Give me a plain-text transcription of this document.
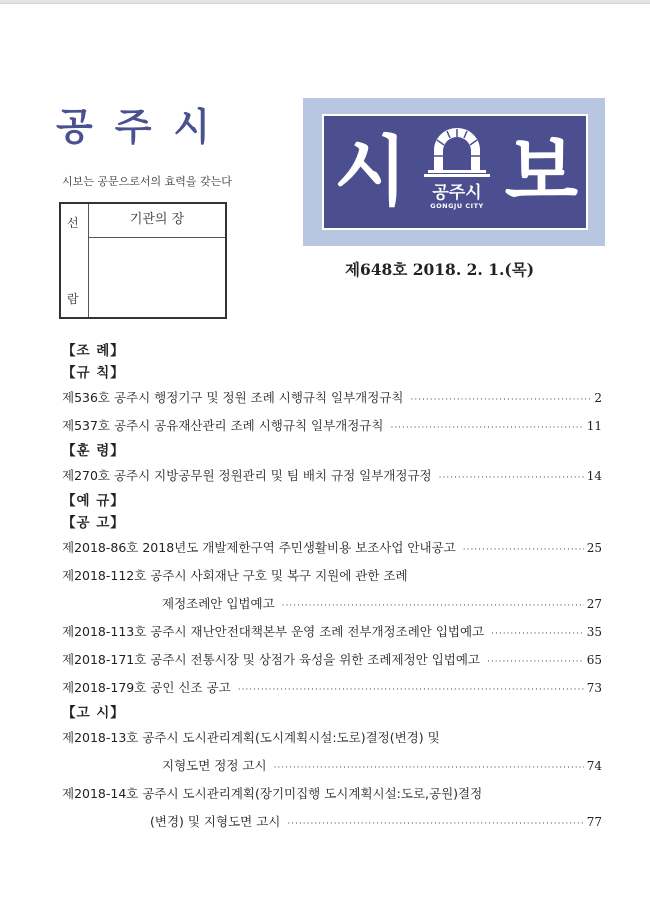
공주시
시보는 공문으로서의 효력을 갖는다
선
람
기관의 장
시	공주시
GONGJU CITY 보
제648호 2018. 2. 1.(목)
【조 례】
【규 칙】
제536호 공주시 행정기구 및 정원 조례 시행규칙 일부개정규칙 ·····	2
제537호 공주시 공유재산관리 조례 시행규칙 일부개정규칙 ·····	11
【훈 령】
제270호 공주시 지방공무원 정원관리 및 팀 배치 규정 일부개정규정 ·····	14
【예 규】
【공 고】
제2018-86호 2018년도 개발제한구역 주민생활비용 보조사업 안내공고 ·····	25
제2018-112호 공주시 사회재난 구호 및 복구 지원에 관한 조례
제정조례안 입법예고 ·····	27
제2018-113호 공주시 재난안전대책본부 운영 조례 전부개정조례안 입법예고 ·····	35
제2018-171호 공주시 전통시장 및 상점가 육성을 위한 조례제정안 입법예고 ·····	65
제2018-179호 공인 신조 공고 ·····	73
【고 시】
제2018-13호 공주시 도시관리계획(도시계획시설:도로)결정(변경) 및
지형도면 정정 고시 ·····	74
제2018-14호 공주시 도시관리계획(장기미집행 도시계획시설:도로,공원)결정
(변경) 및 지형도면 고시 ·····	77
